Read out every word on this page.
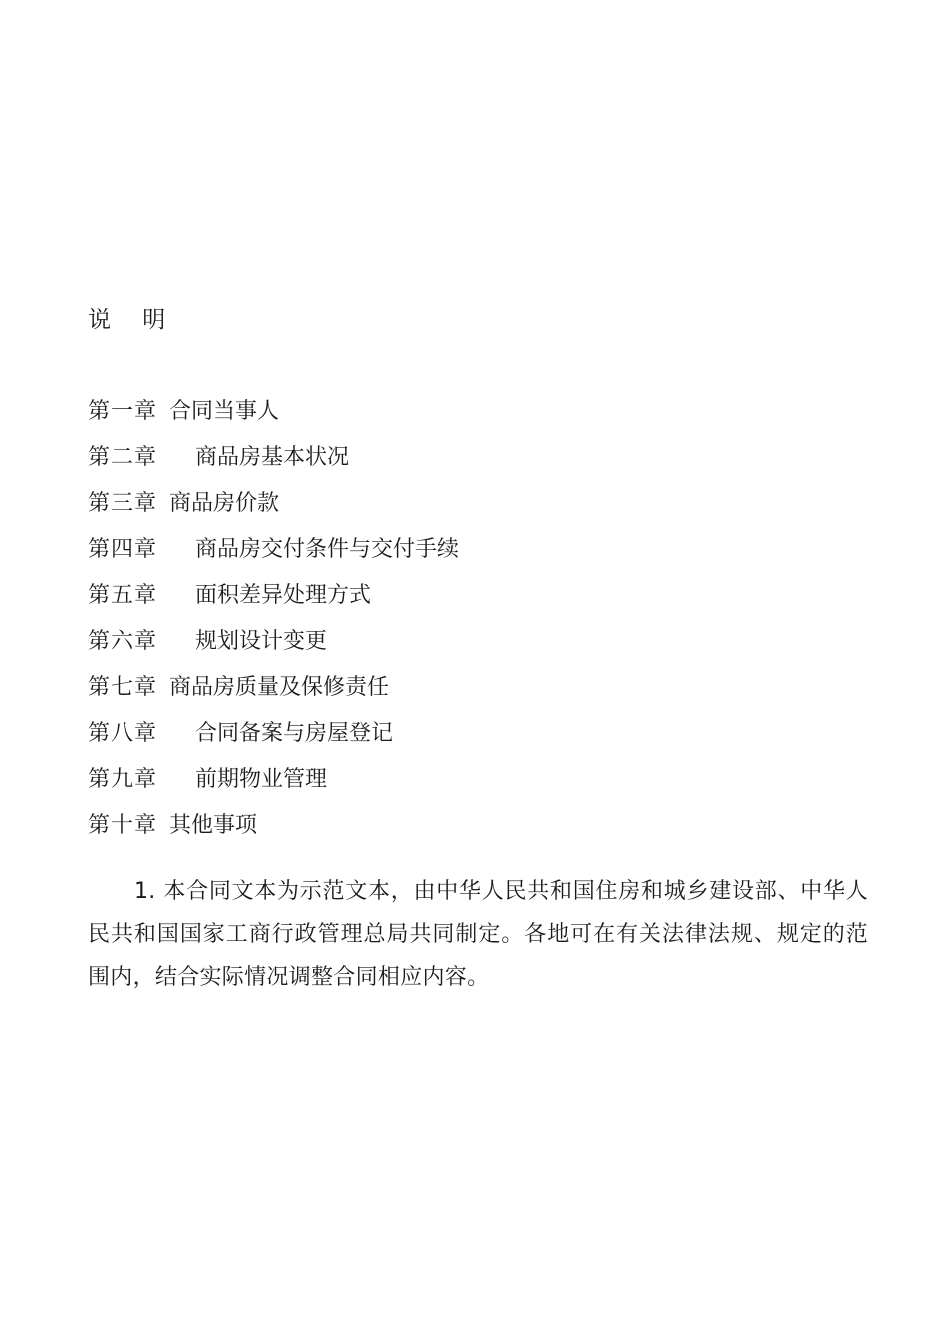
说 明
第一章 合同当事人
第二章 商品房基本状况
第三章 商品房价款
第四章 商品房交付条件与交付手续
第五章 面积差异处理方式
第六章 规划设计变更
第七章 商品房质量及保修责任
第八章 合同备案与房屋登记
第九章 前期物业管理
第十章 其他事项

1. 本合同文本为示范文本，由中华人民共和国住房和城乡建设部、中华人民共和国国家工商行政管理总局共同制定。各地可在有关法律法规、规定的范围内，结合实际情况调整合同相应内容。
